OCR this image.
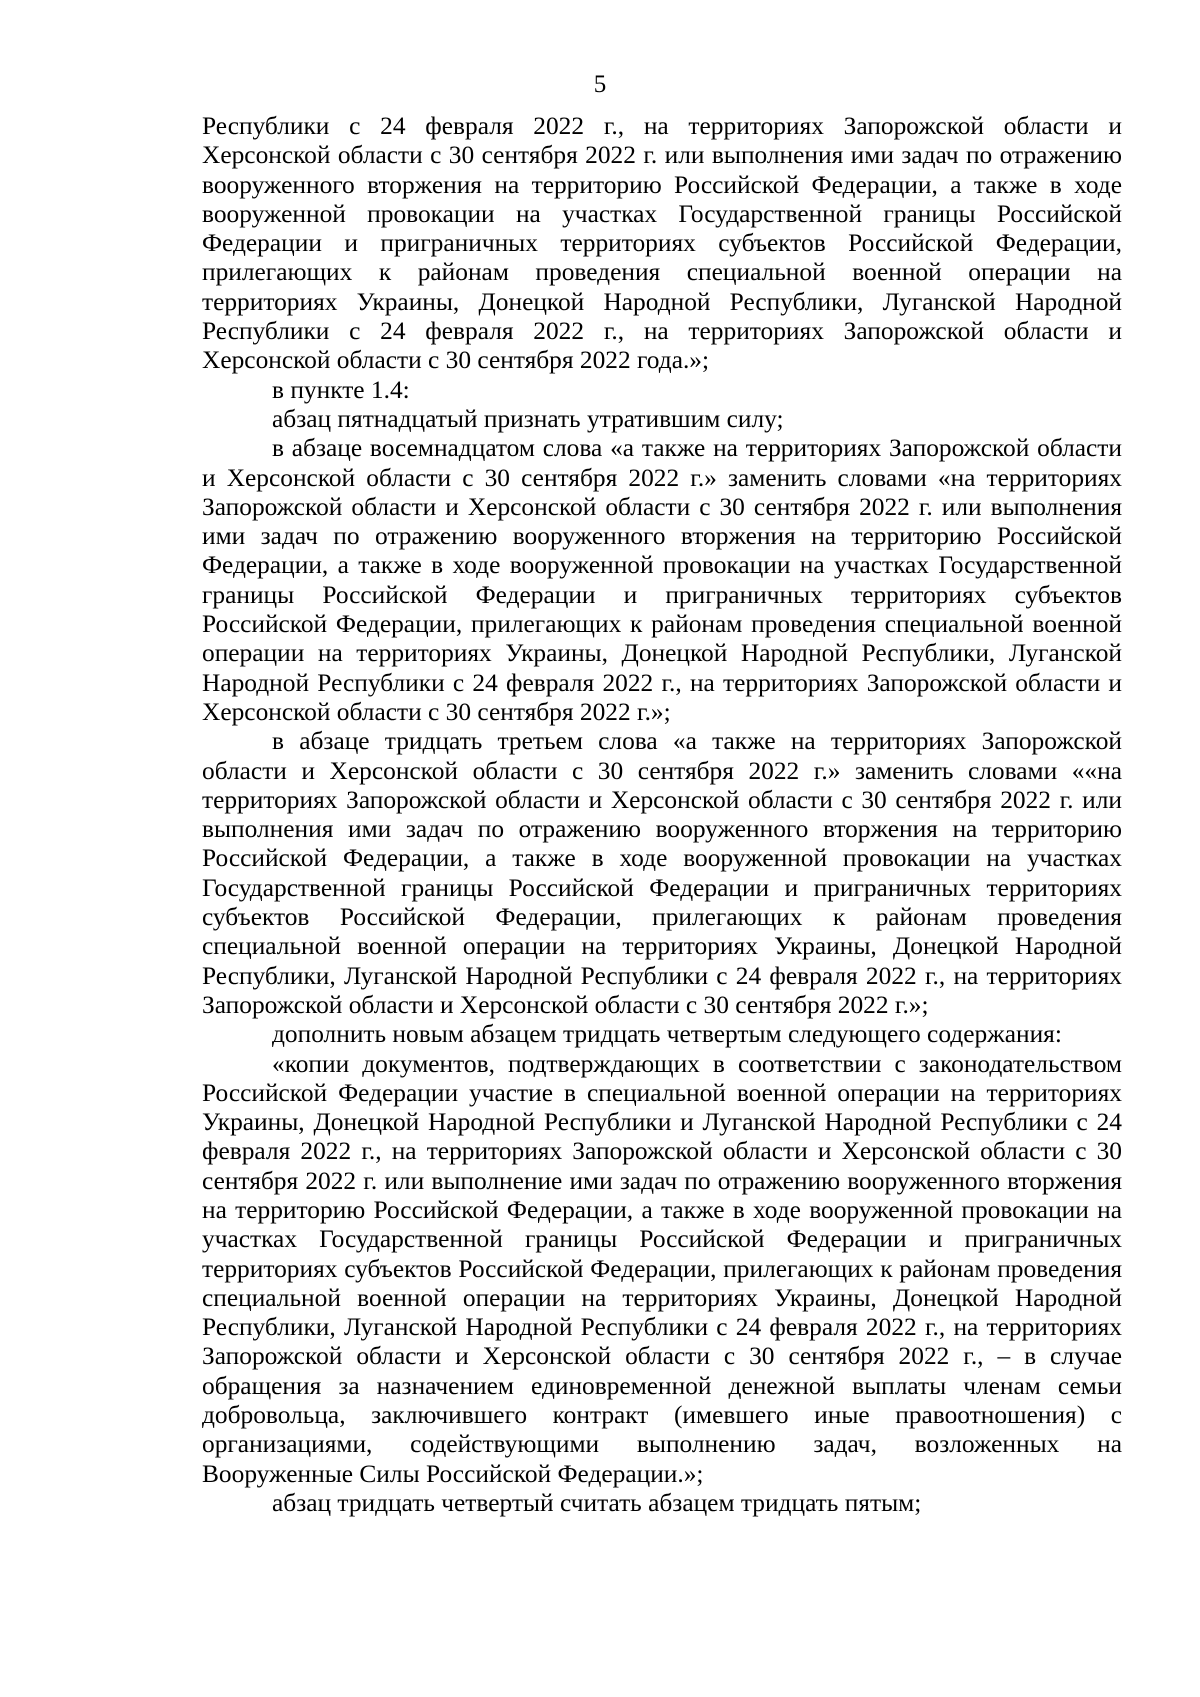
5

Республики с 24 февраля 2022 г., на территориях Запорожской области и Херсонской области с 30 сентября 2022 г. или выполнения ими задач по отражению вооруженного вторжения на территорию Российской Федерации, а также в ходе вооруженной провокации на участках Государственной границы Российской Федерации и приграничных территориях субъектов Российской Федерации, прилегающих к районам проведения специальной военной операции на территориях Украины, Донецкой Народной Республики, Луганской Народной Республики с 24 февраля 2022 г., на территориях Запорожской области и Херсонской области с 30 сентября 2022 года.»;

в пункте 1.4:

абзац пятнадцатый признать утратившим силу;

в абзаце восемнадцатом слова «а также на территориях Запорожской области и Херсонской области с 30 сентября 2022 г.» заменить словами «на территориях Запорожской области и Херсонской области с 30 сентября 2022 г. или выполнения ими задач по отражению вооруженного вторжения на территорию Российской Федерации, а также в ходе вооруженной провокации на участках Государственной границы Российской Федерации и приграничных территориях субъектов Российской Федерации, прилегающих к районам проведения специальной военной операции на территориях Украины, Донецкой Народной Республики, Луганской Народной Республики с 24 февраля 2022 г., на территориях Запорожской области и Херсонской области с 30 сентября 2022 г.»;

в абзаце тридцать третьем слова «а также на территориях Запорожской области и Херсонской области с 30 сентября 2022 г.» заменить словами ««на территориях Запорожской области и Херсонской области с 30 сентября 2022 г. или выполнения ими задач по отражению вооруженного вторжения на территорию Российской Федерации, а также в ходе вооруженной провокации на участках Государственной границы Российской Федерации и приграничных территориях субъектов Российской Федерации, прилегающих к районам проведения специальной военной операции на территориях Украины, Донецкой Народной Республики, Луганской Народной Республики с 24 февраля 2022 г., на территориях Запорожской области и Херсонской области с 30 сентября 2022 г.»;

дополнить новым абзацем тридцать четвертым следующего содержания:

«копии документов, подтверждающих в соответствии с законодательством Российской Федерации участие в специальной военной операции на территориях Украины, Донецкой Народной Республики и Луганской Народной Республики с 24 февраля 2022 г., на территориях Запорожской области и Херсонской области с 30 сентября 2022 г. или выполнение ими задач по отражению вооруженного вторжения на территорию Российской Федерации, а также в ходе вооруженной провокации на участках Государственной границы Российской Федерации и приграничных территориях субъектов Российской Федерации, прилегающих к районам проведения специальной военной операции на территориях Украины, Донецкой Народной Республики, Луганской Народной Республики с 24 февраля 2022 г., на территориях Запорожской области и Херсонской области с 30 сентября 2022 г., – в случае обращения за назначением единовременной денежной выплаты членам семьи добровольца, заключившего контракт (имевшего иные правоотношения) с организациями, содействующими выполнению задач, возложенных на Вооруженные Силы Российской Федерации.»;

абзац тридцать четвертый считать абзацем тридцать пятым;
